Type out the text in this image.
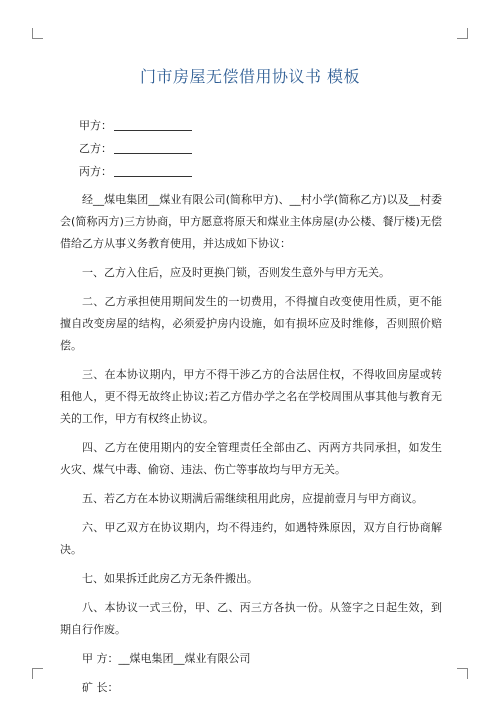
门市房屋无偿借用协议书 模板
甲方：
乙方：
丙方：

经__煤电集团__煤业有限公司(简称甲方)、__村小学(简称乙方)以及__村委会(简称丙方)三方协商，甲方愿意将原天和煤业主体房屋(办公楼、餐厅楼)无偿借给乙方从事义务教育使用，并达成如下协议：

一、乙方入住后，应及时更换门锁，否则发生意外与甲方无关。

二、乙方承担使用期间发生的一切费用，不得擅自改变使用性质，更不能擅自改变房屋的结构，必须爱护房内设施，如有损坏应及时维修，否则照价赔偿。

三、在本协议期内，甲方不得干涉乙方的合法居住权，不得收回房屋或转租他人，更不得无故终止协议;若乙方借办学之名在学校周围从事其他与教育无关的工作，甲方有权终止协议。

四、乙方在使用期内的安全管理责任全部由乙、丙两方共同承担，如发生火灾、煤气中毒、偷窃、违法、伤亡等事故均与甲方无关。

五、若乙方在本协议期满后需继续租用此房，应提前壹月与甲方商议。

六、甲乙双方在协议期内，均不得违约，如遇特殊原因，双方自行协商解决。

七、如果拆迁此房乙方无条件搬出。

八、本协议一式三份，甲、乙、丙三方各执一份。从签字之日起生效，到期自行作废。

甲 方：__煤电集团__煤业有限公司

矿 长：
